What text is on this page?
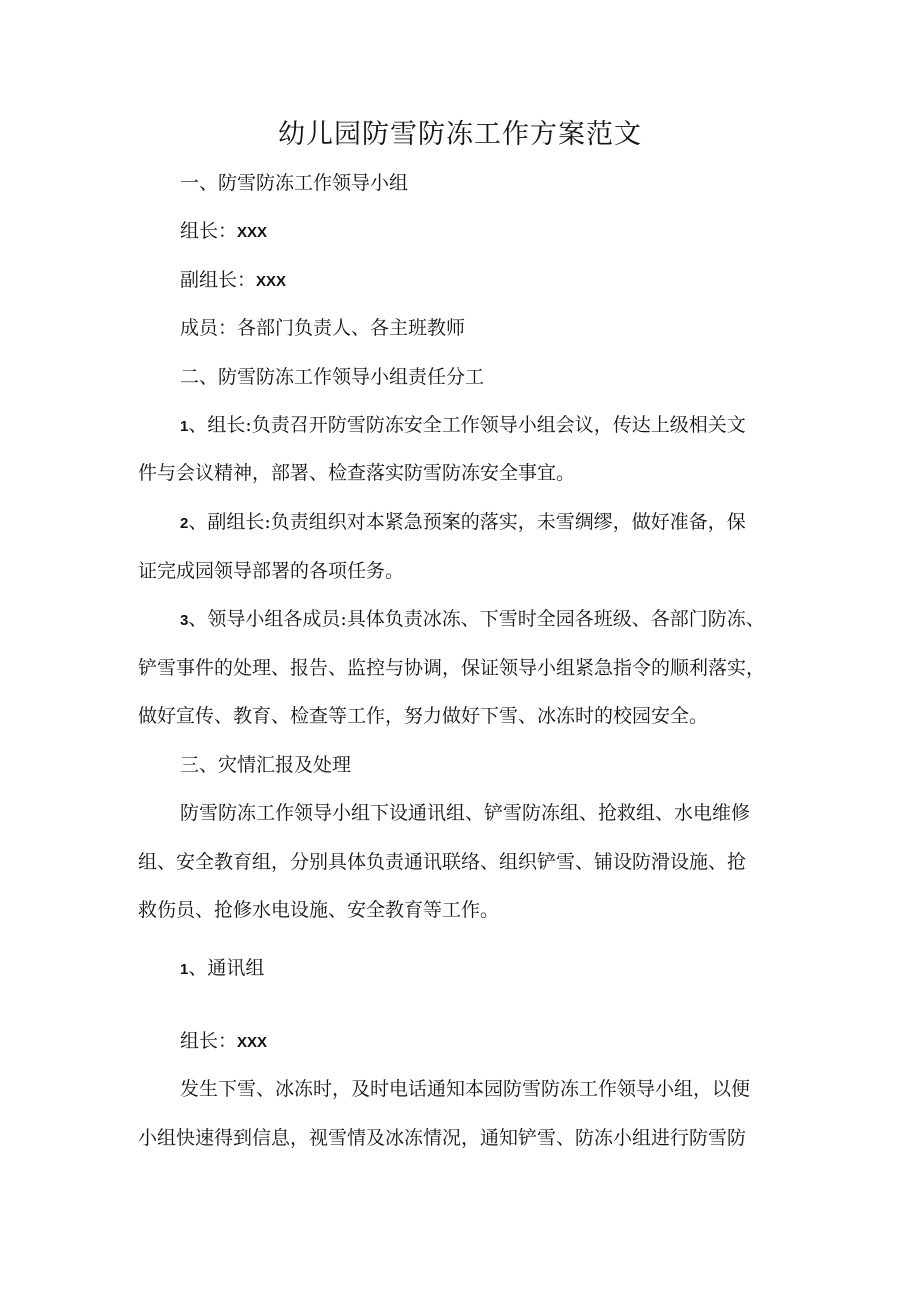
幼儿园防雪防冻工作方案范文
一、防雪防冻工作领导小组
组长：XXX
副组长：XXX
成员：各部门负责人、各主班教师
二、防雪防冻工作领导小组责任分工
1、组长:负责召开防雪防冻安全工作领导小组会议，传达上级相关文
件与会议精神，部署、检查落实防雪防冻安全事宜。
2、副组长:负责组织对本紧急预案的落实，未雪绸缪，做好准备，保
证完成园领导部署的各项任务。
3、领导小组各成员:具体负责冰冻、下雪时全园各班级、各部门防冻、
铲雪事件的处理、报告、监控与协调，保证领导小组紧急指令的顺利落实，
做好宣传、教育、检查等工作，努力做好下雪、冰冻时的校园安全。
三、灾情汇报及处理
防雪防冻工作领导小组下设通讯组、铲雪防冻组、抢救组、水电维修
组、安全教育组，分别具体负责通讯联络、组织铲雪、铺设防滑设施、抢
救伤员、抢修水电设施、安全教育等工作。
1、通讯组
组长：XXX
发生下雪、冰冻时，及时电话通知本园防雪防冻工作领导小组，以便
小组快速得到信息，视雪情及冰冻情况，通知铲雪、防冻小组进行防雪防
